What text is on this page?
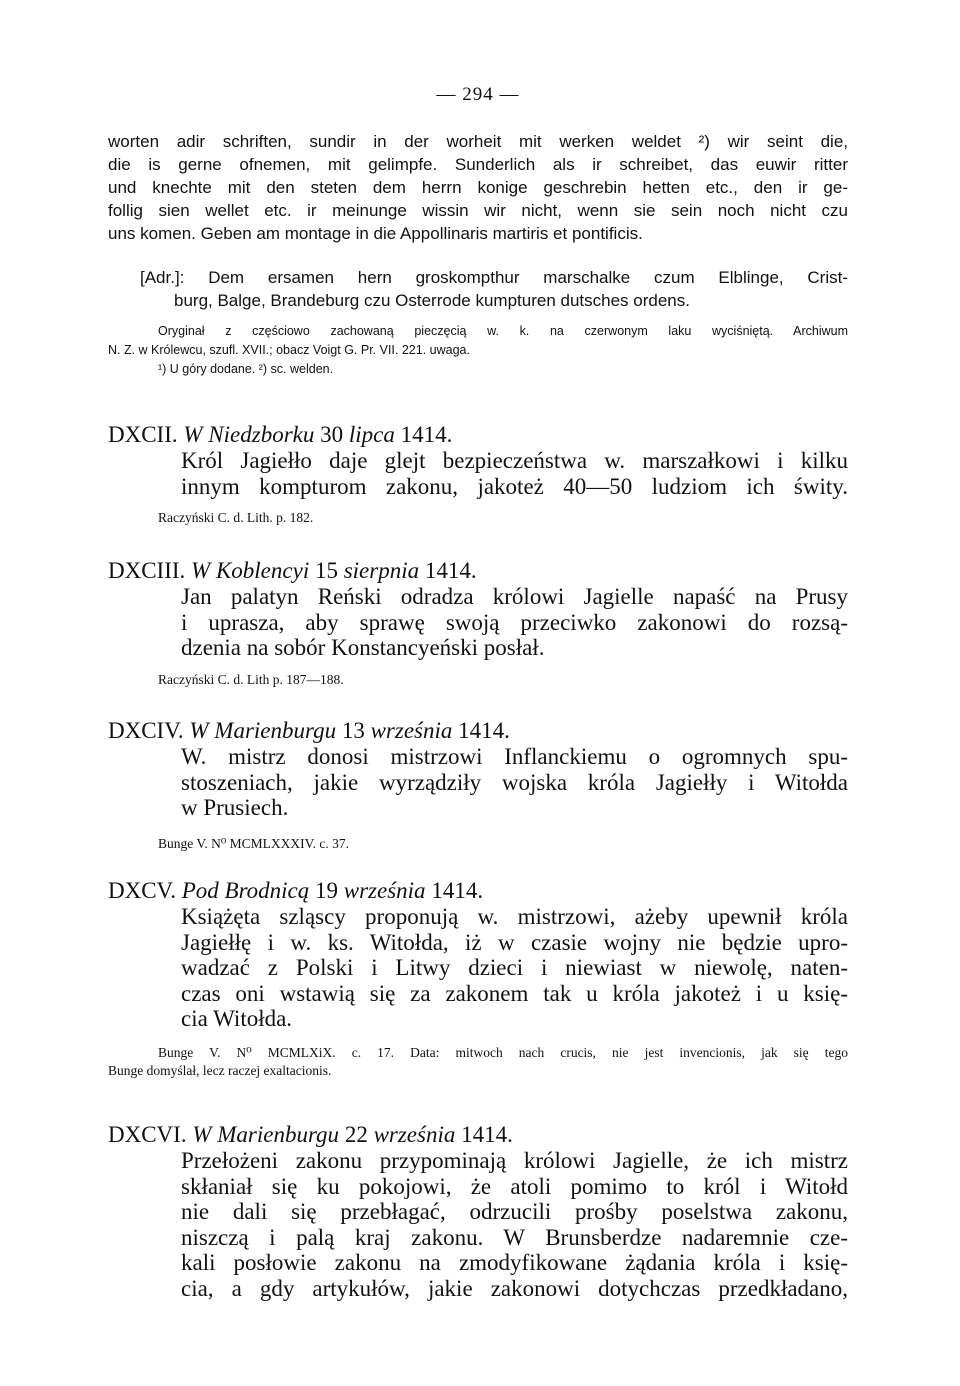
— 294 —
worten adir schriften, sundir in der worheit mit werken weldet ²) wir seint die,
die is gerne ofnemen, mit gelimpfe. Sunderlich als ir schreibet, das euwir ritter
und knechte mit den steten dem herrn konige geschrebin hetten etc., den ir ge-
follig sien wellet etc. ir meinunge wissin wir nicht, wenn sie sein noch nicht czu
uns komen. Geben am montage in die Appollinaris martiris et pontificis.
[Adr.]: Dem ersamen hern groskompthur marschalke czum Elblinge, Crist-
burg, Balge, Brandeburg czu Osterrode kumpturen dutsches ordens.
Oryginał z częściowo zachowaną pieczęcią w. k. na czerwonym laku wyciśniętą. Archiwum
N. Z. w Królewcu, szufl. XVII.; obacz Voigt G. Pr. VII. 221. uwaga.
¹) U góry dodane. ²) sc. welden.
DXCII. W Niedzborku 30 lipca 1414.
Król Jagiełło daje glejt bezpieczeństwa w. marszałkowi i kilku
innym kompturom zakonu, jakoteż 40—50 ludziom ich świty.
Raczyński C. d. Lith. p. 182.
DXCIII. W Koblencyi 15 sierpnia 1414.
Jan palatyn Reński odradza królowi Jagielle napaść na Prusy
i uprasza, aby sprawę swoją przeciwko zakonowi do rozsą-
dzenia na sobór Konstancyeński posłał.
Raczyński C. d. Lith p. 187—188.
DXCIV. W Marienburgu 13 września 1414.
W. mistrz donosi mistrzowi Inflanckiemu o ogromnych spu-
stoszeniach, jakie wyrządziły wojska króla Jagiełły i Witołda
w Prusiech.
Bunge V. N⁰ MCMLXXXIV. c. 37.
DXCV. Pod Brodnicą 19 września 1414.
Książęta szląscy proponują w. mistrzowi, ażeby upewnił króla
Jagiełłę i w. ks. Witołda, iż w czasie wojny nie będzie upro-
wadzać z Polski i Litwy dzieci i niewiast w niewolę, naten-
czas oni wstawią się za zakonem tak u króla jakoteż i u księ-
cia Witołda.
Bunge V. N⁰ MCMLXiX. c. 17. Data: mitwoch nach crucis, nie jest invencionis, jak się tego
Bunge domyślał, lecz raczej exaltacionis.
DXCVI. W Marienburgu 22 września 1414.
Przełożeni zakonu przypominają królowi Jagielle, że ich mistrz
skłaniał się ku pokojowi, że atoli pomimo to król i Witołd
nie dali się przebłagać, odrzucili prośby poselstwa zakonu,
niszczą i palą kraj zakonu. W Brunsberdze nadaremnie cze-
kali posłowie zakonu na zmodyfikowane żądania króla i księ-
cia, a gdy artykułów, jakie zakonowi dotychczas przedkładano,
